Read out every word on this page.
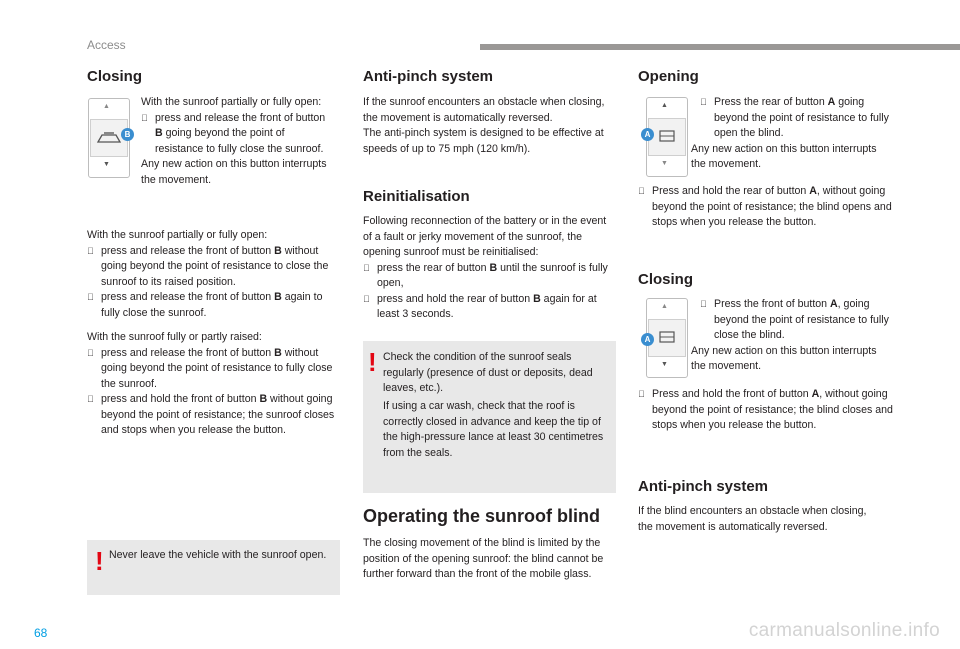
Access
Closing
▲
▼
B

With the sunroof partially or fully open:

press and release the front of button B going beyond the point of resistance to fully close the sunroof.

Any new action on this button interrupts the movement.

With the sunroof partially or fully open:

press and release the front of button B without going beyond the point of resistance to close the sunroof to its raised position.
press and release the front of button B again to fully close the sunroof.

With the sunroof fully or partly raised:

press and release the front of button B without going beyond the point of resistance to fully close the sunroof.
press and hold the front of button B without going beyond the point of resistance; the sunroof closes and stops when you release the button.
! Never leave the vehicle with the sunroof open.

Anti-pinch system

If the sunroof encounters an obstacle when closing, the movement is automatically reversed.

The anti-pinch system is designed to be effective at speeds of up to 75 mph (120 km/h).

Reinitialisation

Following reconnection of the battery or in the event of a fault or jerky movement of the sunroof, the opening sunroof must be reinitialised:

press the rear of button B until the sunroof is fully open,
press and hold the rear of button B again for at least 3 seconds.
! Check the condition of the sunroof seals regularly (presence of dust or deposits, dead leaves, etc.).

If using a car wash, check that the roof is correctly closed in advance and keep the tip of the high-pressure lance at least 30 centimetres from the seals.

Operating the sunroof blind

The closing movement of the blind is limited by the position of the opening sunroof: the blind cannot be further forward than the front of the mobile glass.

Opening
▲
▼
A
Press the rear of button A going beyond the point of resistance to fully open the blind.

Any new action on this button interrupts the movement.

Press and hold the rear of button A, without going beyond the point of resistance; the blind opens and stops when you release the button.
Closing
▲
▼
A
Press the front of button A, going beyond the point of resistance to fully close the blind.

Any new action on this button interrupts the movement.

Press and hold the front of button A, without going beyond the point of resistance; the blind closes and stops when you release the button.
Anti-pinch system

If the blind encounters an obstacle when closing, the movement is automatically reversed.

68	carmanualsonline.info
